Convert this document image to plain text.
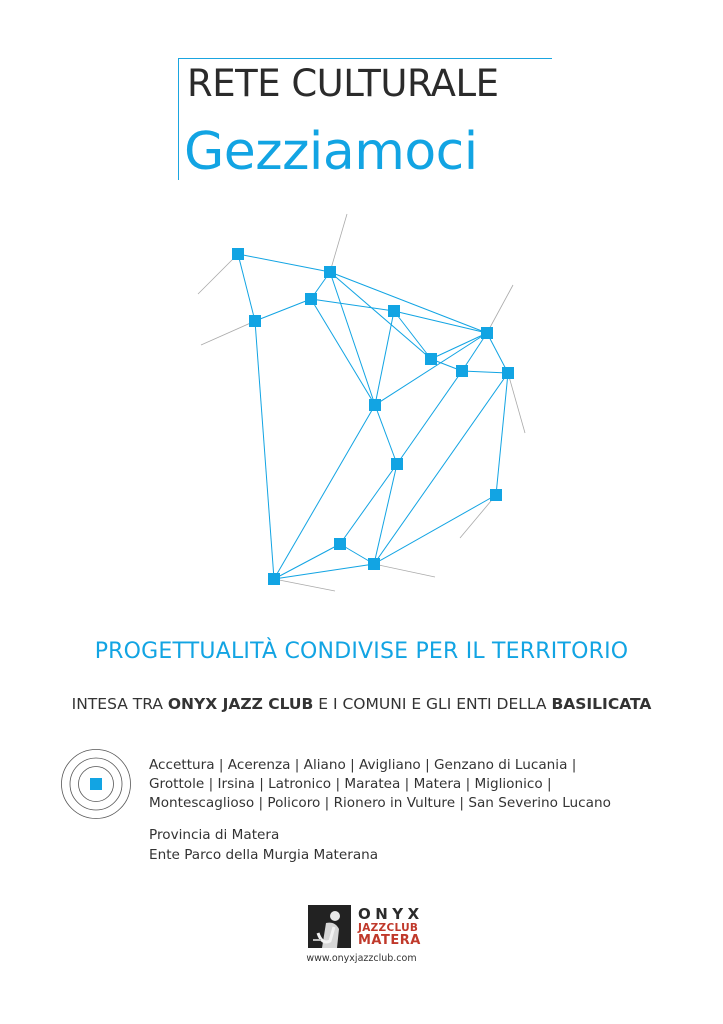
RETE CULTURALE
Gezziamoci
PROGETTUALITÀ CONDIVISE PER IL TERRITORIO
INTESA TRA ONYX JAZZ CLUB E I COMUNI E GLI ENTI DELLA BASILICATA
Accettura | Acerenza | Aliano | Avigliano | Genzano di Lucania |
Grottole | Irsina | Latronico | Maratea | Matera | Miglionico |
Montescaglioso | Policoro | Rionero in Vulture | San Severino Lucano
Provincia di Matera
Ente Parco della Murgia Materana
ONYX
JAZZCLUB
MATERA
www.onyxjazzclub.com
